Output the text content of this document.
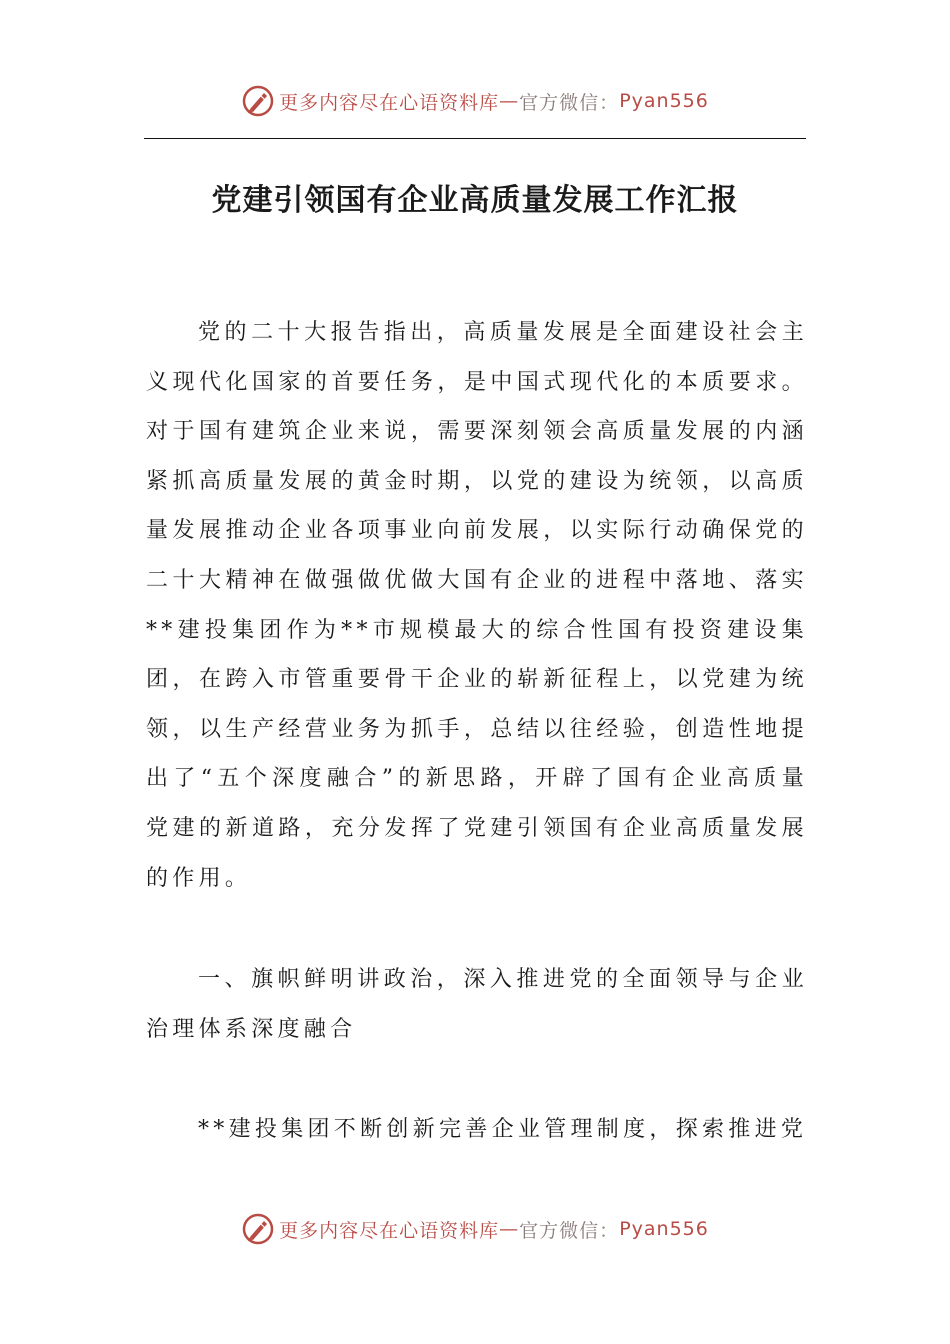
更多内容尽在心语资料库 — 官方微信： Pyan556
党建引领国有企业高质量发展工作汇报

党的二十大报告指出，高质量发展是全面建设社会主义现代化国家的首要任务，是中国式现代化的本质要求。对于国有建筑企业来说，需要深刻领会高质量发展的内涵紧抓高质量发展的黄金时期，以党的建设为统领，以高质量发展推动企业各项事业向前发展，以实际行动确保党的二十大精神在做强做优做大国有企业的进程中落地、落实**建投集团作为**市规模最大的综合性国有投资建设集团，在跨入市管重要骨干企业的崭新征程上，以党建为统领，以生产经营业务为抓手，总结以往经验，创造性地提出了“五个深度融合”的新思路，开辟了国有企业高质量党建的新道路，充分发挥了党建引领国有企业高质量发展的作用。

一、旗帜鲜明讲政治，深入推进党的全面领导与企业治理体系深度融合

**建投集团不断创新完善企业管理制度，探索推进党

更多内容尽在心语资料库 — 官方微信： Pyan556
